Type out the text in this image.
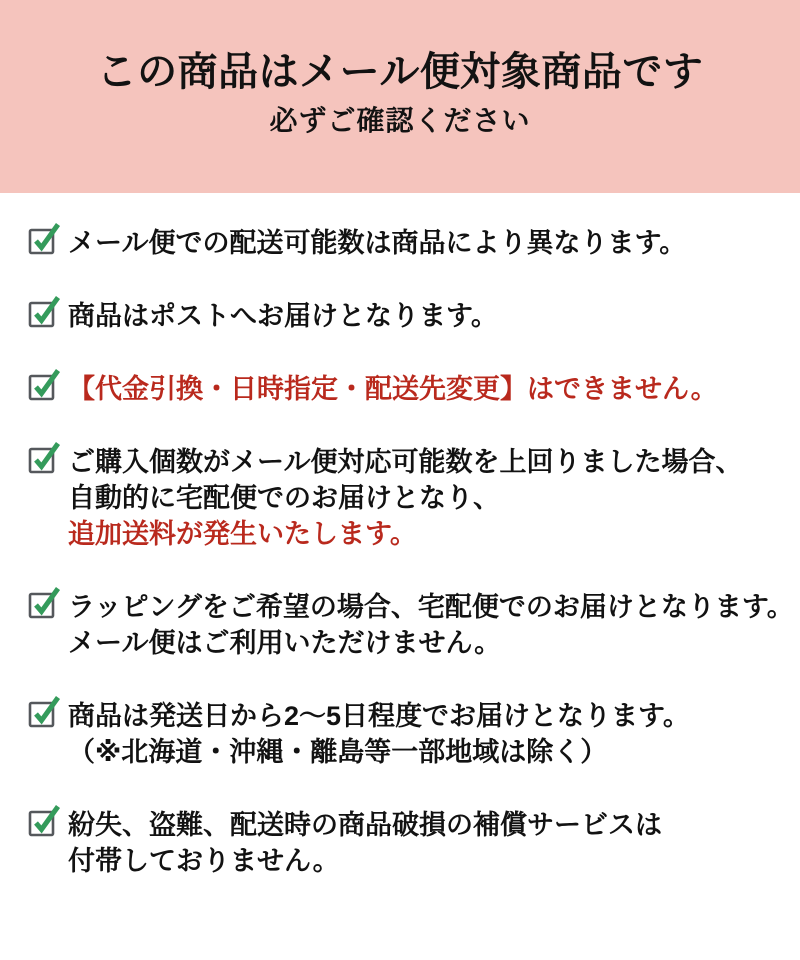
この商品はメール便対象商品です
必ずご確認ください
メール便での配送可能数は商品により異なります。
商品はポストへお届けとなります。
【代金引換・日時指定・配送先変更】はできません。
ご購入個数がメール便対応可能数を上回りました場合、
自動的に宅配便でのお届けとなり、
追加送料が発生いたします。
ラッピングをご希望の場合、宅配便でのお届けとなります。
メール便はご利用いただけません。
商品は発送日から2〜5日程度でお届けとなります。
（※北海道・沖縄・離島等一部地域は除く）
紛失、盗難、配送時の商品破損の補償サービスは
付帯しておりません。
